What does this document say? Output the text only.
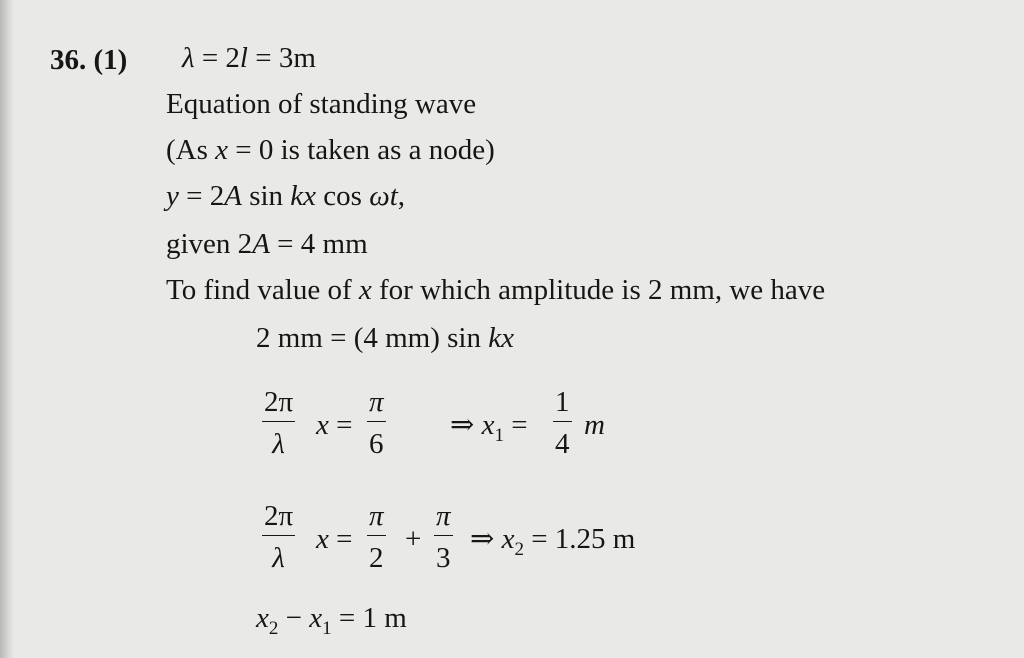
36. (1) λ = 2l = 3m
Equation of standing wave
(As x = 0 is taken as a node)
y = 2A sin kx cos ωt,
given 2A = 4 mm
To find value of x for which amplitude is 2 mm, we have
2 mm = (4 mm) sin kx
$\frac{2\pi}{\lambda}$ $x = \frac{\pi}{6}$ ⇒ $x_1 = \frac{1}{4}$ m
$\frac{2\pi}{\lambda}$ $x = \frac{\pi}{2} + \frac{\pi}{3}$ ⇒ $x_2 = 1.25$ m
$x_2 - x_1 = 1$ m
